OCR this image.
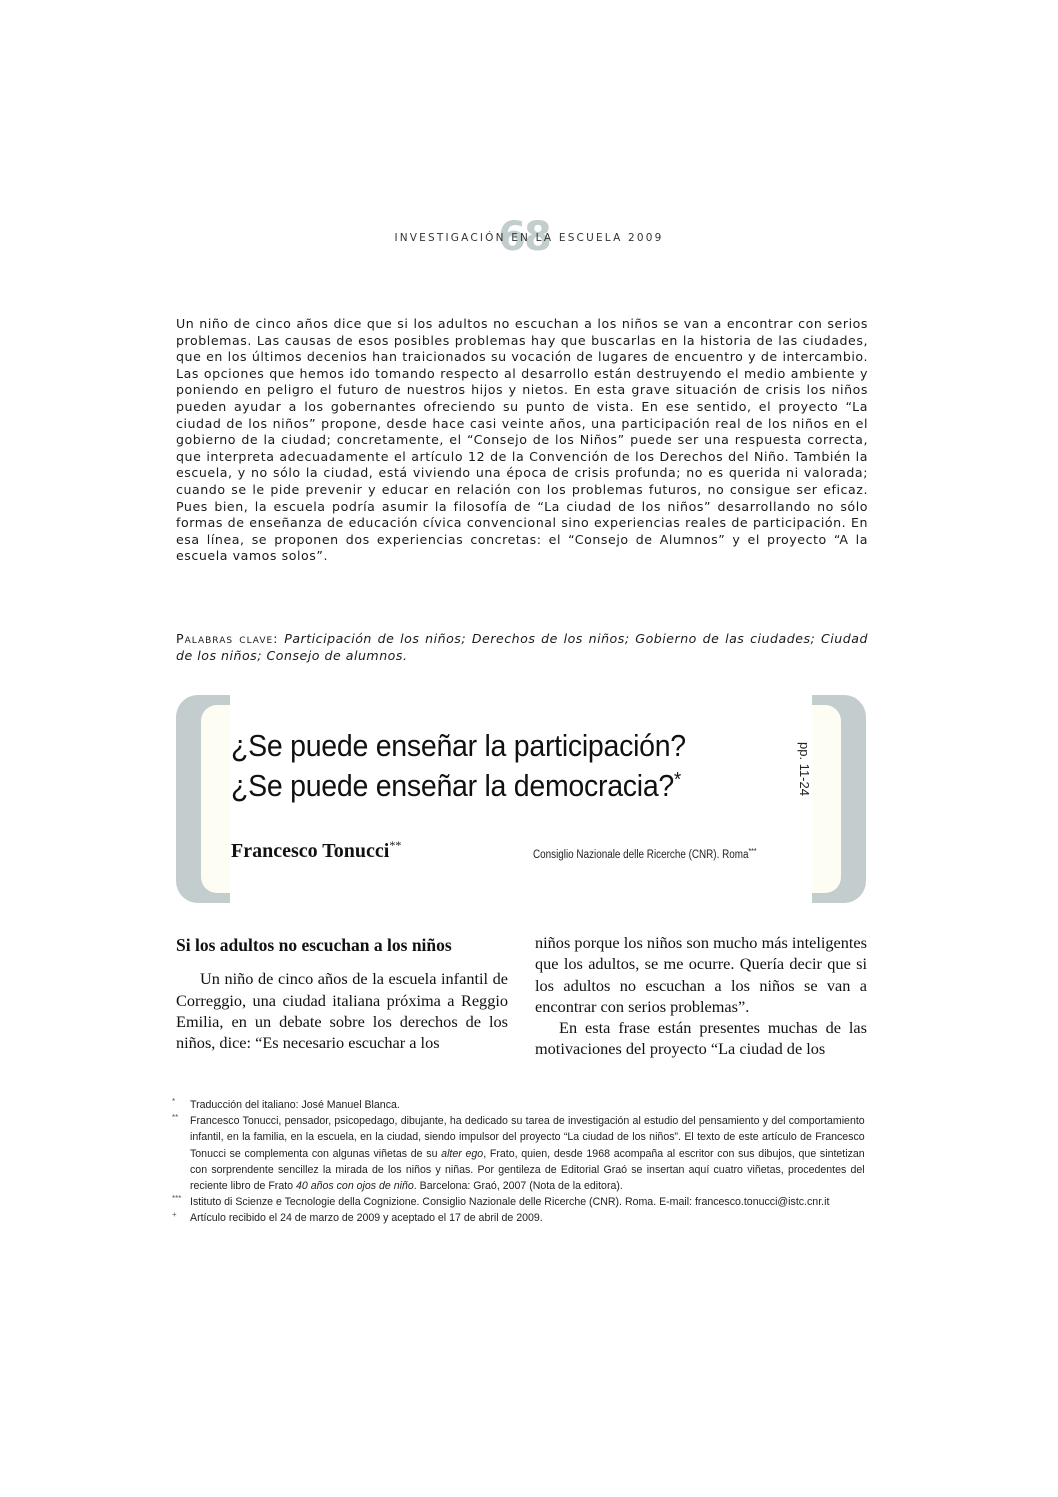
68
INVESTIGACIÓN EN LA ESCUELA 2009
Un niño de cinco años dice que si los adultos no escuchan a los niños se van a encontrar con serios problemas. Las causas de esos posibles problemas hay que buscarlas en la historia de las ciudades, que en los últimos decenios han traicionados su vocación de lugares de encuentro y de intercambio. Las opciones que hemos ido tomando respecto al desarrollo están destruyendo el medio ambiente y poniendo en peligro el futuro de nuestros hijos y nietos. En esta grave situación de crisis los niños pueden ayudar a los gobernantes ofreciendo su punto de vista. En ese sentido, el proyecto “La ciudad de los niños” propone, desde hace casi veinte años, una participación real de los niños en el gobierno de la ciudad; concretamente, el “Consejo de los Niños” puede ser una respuesta correcta, que interpreta adecuadamente el artículo 12 de la Convención de los Derechos del Niño. También la escuela, y no sólo la ciudad, está viviendo una época de crisis profunda; no es querida ni valorada; cuando se le pide prevenir y educar en relación con los problemas futuros, no consigue ser eficaz. Pues bien, la escuela podría asumir la filosofía de “La ciudad de los niños” desarrollando no sólo formas de enseñanza de educación cívica convencional sino experiencias reales de participación. En esa línea, se proponen dos experiencias concretas: el “Consejo de Alumnos” y el proyecto “A la escuela vamos solos”.
Palabras clave: Participación de los niños; Derechos de los niños; Gobierno de las ciudades; Ciudad de los niños; Consejo de alumnos.
¿Se puede enseñar la participación?
¿Se puede enseñar la democracia?*	pp. 11-24
Francesco Tonucci**
Consiglio Nazionale delle Ricerche (CNR). Roma***
Si los adultos no escuchan a los niños

Un niño de cinco años de la escuela infantil de Correggio, una ciudad italiana próxima a Reggio Emilia, en un debate sobre los derechos de los niños, dice: “Es necesario escuchar a los

niños porque los niños son mucho más inteligentes que los adultos, se me ocurre. Quería decir que si los adultos no escuchan a los niños se van a encontrar con serios problemas”.

En esta frase están presentes muchas de las motivaciones del proyecto “La ciudad de los

* Traducción del italiano: José Manuel Blanca.
** Francesco Tonucci, pensador, psicopedago, dibujante, ha dedicado su tarea de investigación al estudio del pensamiento y del comportamiento infantil, en la familia, en la escuela, en la ciudad, siendo impulsor del proyecto “La ciudad de los niños”. El texto de este artículo de Francesco Tonucci se complementa con algunas viñetas de su alter ego, Frato, quien, desde 1968 acompaña al escritor con sus dibujos, que sintetizan con sorprendente sencillez la mirada de los niños y niñas. Por gentileza de Editorial Graó se insertan aquí cuatro viñetas, procedentes del reciente libro de Frato 40 años con ojos de niño. Barcelona: Graó, 2007 (Nota de la editora).
*** Istituto di Scienze e Tecnologie della Cognizione. Consiglio Nazionale delle Ricerche (CNR). Roma. E-mail: francesco.tonucci@istc.cnr.it
+ Artículo recibido el 24 de marzo de 2009 y aceptado el 17 de abril de 2009.
